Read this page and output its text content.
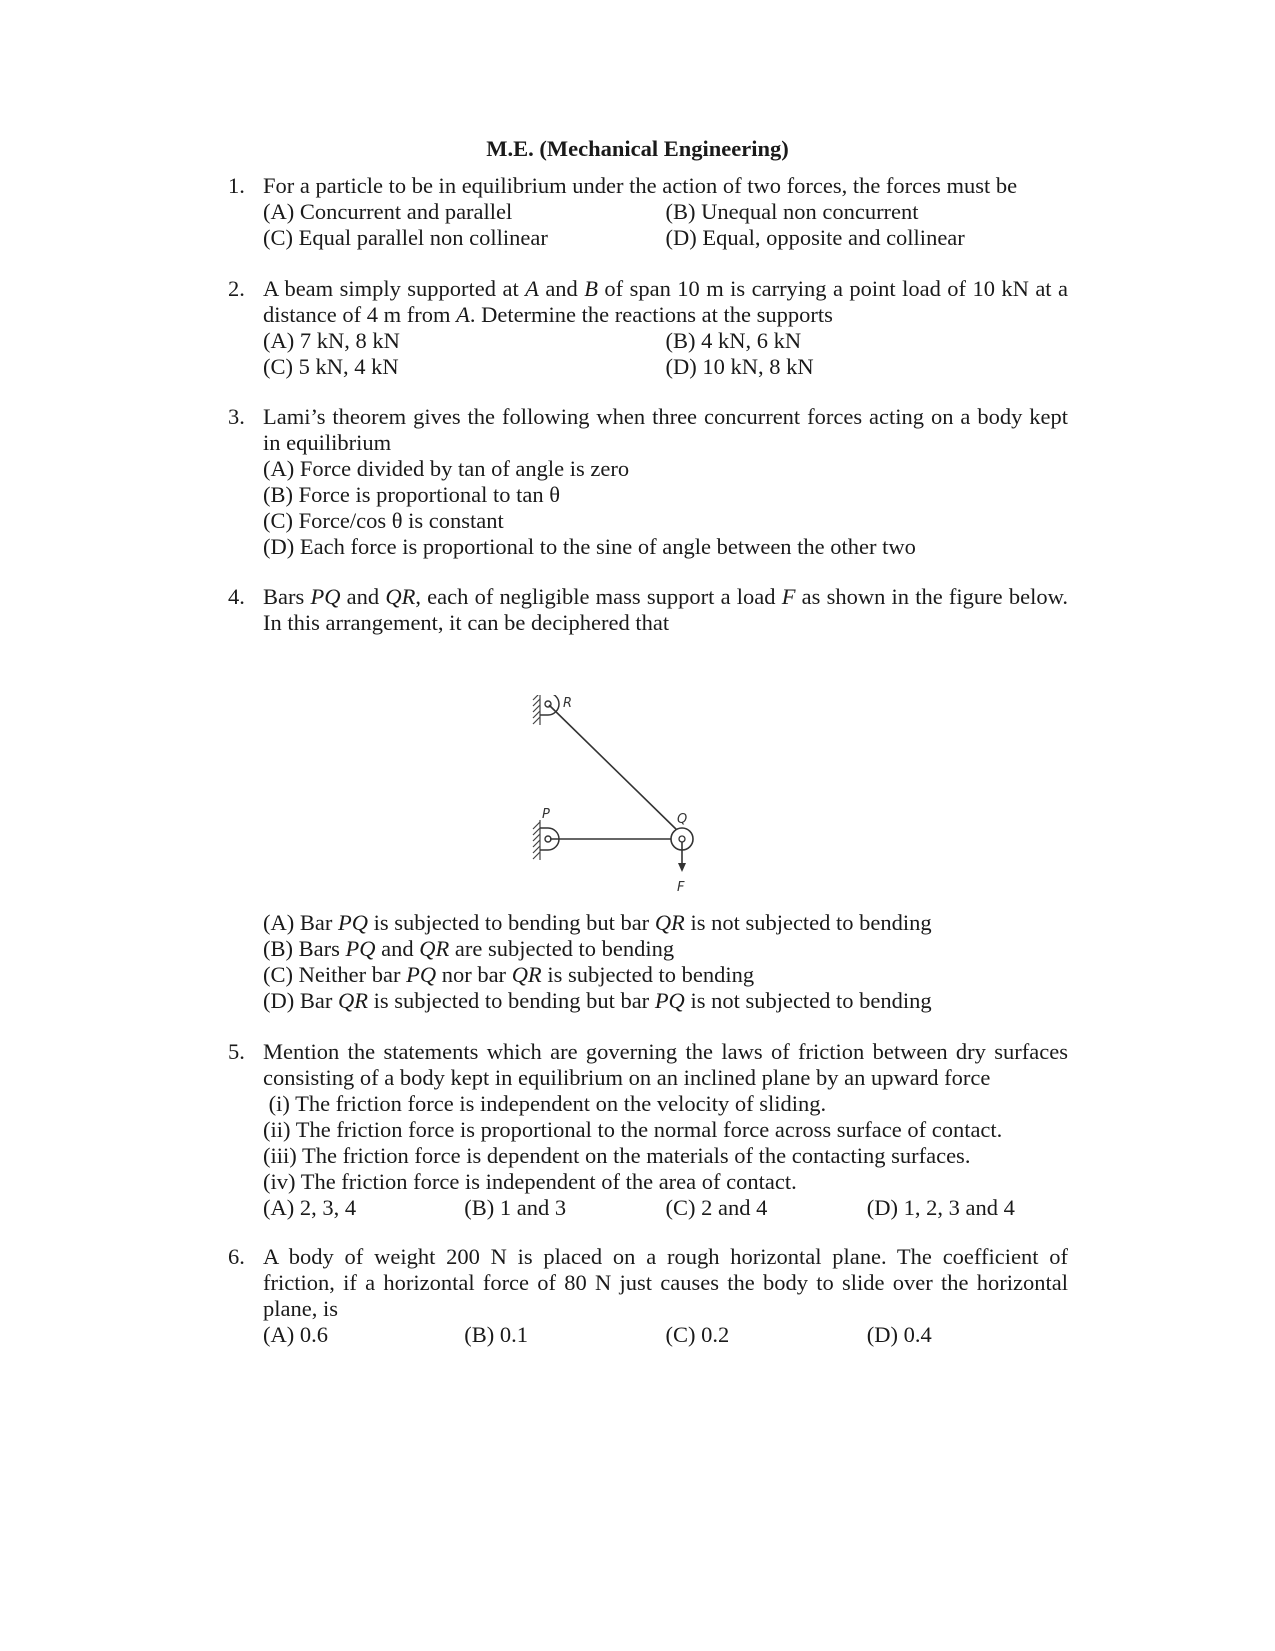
M.E. (Mechanical Engineering)
1. For a particle to be in equilibrium under the action of two forces, the forces must be
(A) Concurrent and parallel	(B) Unequal non concurrent
(C) Equal parallel non collinear	(D) Equal, opposite and collinear
2. A beam simply supported at A and B of span 10 m is carrying a point load of 10 kN at a distance of 4 m from A. Determine the reactions at the supports
(A) 7 kN, 8 kN	(B) 4 kN, 6 kN
(C) 5 kN, 4 kN	(D) 10 kN, 8 kN
3. Lami’s theorem gives the following when three concurrent forces acting on a body kept in equilibrium
(A) Force divided by tan of angle is zero
(B) Force is proportional to tan θ
(C) Force/cos θ is constant
(D) Each force is proportional to the sine of angle between the other two
4. Bars PQ and QR, each of negligible mass support a load F as shown in the figure below. In this arrangement, it can be deciphered that
R
P	Q
F
(A) Bar PQ is subjected to bending but bar QR is not subjected to bending
(B) Bars PQ and QR are subjected to bending
(C) Neither bar PQ nor bar QR is subjected to bending
(D) Bar QR is subjected to bending but bar PQ is not subjected to bending
5. Mention the statements which are governing the laws of friction between dry surfaces consisting of a body kept in equilibrium on an inclined plane by an upward force
(i) The friction force is independent on the velocity of sliding.
(ii) The friction force is proportional to the normal force across surface of contact.
(iii) The friction force is dependent on the materials of the contacting surfaces.
(iv) The friction force is independent of the area of contact.
(A) 2, 3, 4	(B) 1 and 3	(C) 2 and 4	(D) 1, 2, 3 and 4
6. A body of weight 200 N is placed on a rough horizontal plane. The coefficient of friction, if a horizontal force of 80 N just causes the body to slide over the horizontal plane, is
(A) 0.6	(B) 0.1	(C) 0.2	(D) 0.4
